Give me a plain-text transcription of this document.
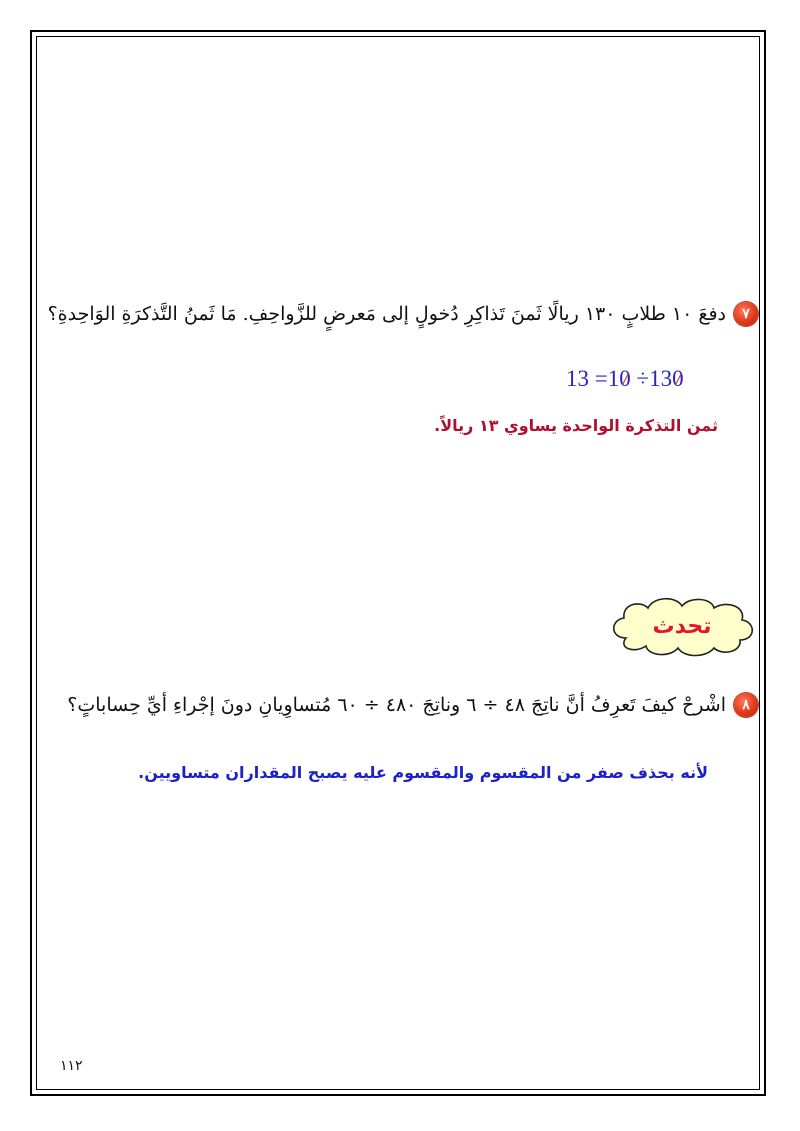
٧
دفعَ ١٠ طلابٍ ١٣٠ ريالًا ثَمنَ تَذاكِرِ دُخولٍ إلى مَعرضٍ للزَّواحِفِ. مَا ثَمنُ التَّذكرَةِ الوَاحِدةِ؟
13 =10 ÷130
ثمن التذكرة الواحدة يساوي ١٣ ريالاً.
تحدث
٨
اشْرحْ كيفَ تَعرِفُ أنَّ ناتِجَ ٤٨ ÷ ٦ وناتِجَ ٤٨٠ ÷ ٦٠ مُتساوِيانِ دونَ إجْراءِ أيِّ حِساباتٍ؟
لأنه بحذف صفر من المقسوم والمقسوم عليه يصبح المقداران متساويين.
١١٢
